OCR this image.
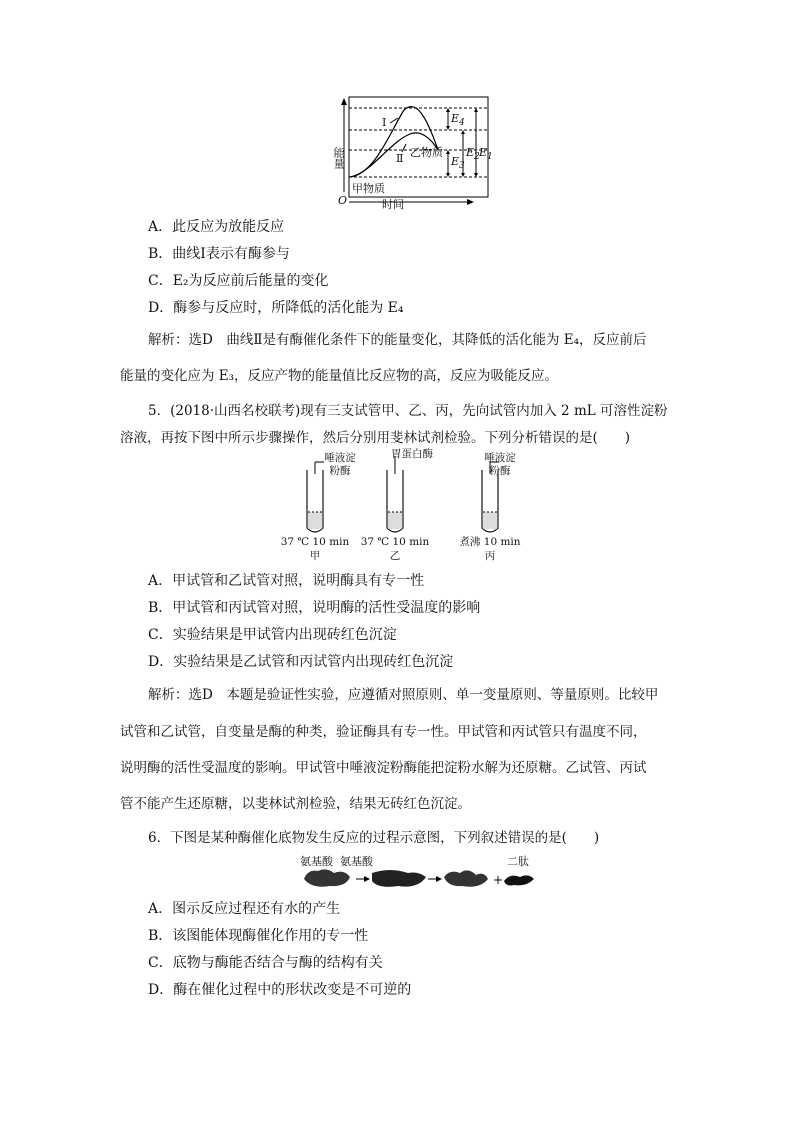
能量
O	时间
Ⅰ
Ⅱ 乙物质
甲物质
$E_4$
$E_3$
$E_2$ $E_1$
A．此反应为放能反应
B．曲线Ⅰ表示有酶参与
C．E₂为反应前后能量的变化
D．酶参与反应时，所降低的活化能为 E₄
解析：选D　曲线Ⅱ是有酶催化条件下的能量变化，其降低的活化能为 E₄，反应前后
能量的变化应为 E₃，反应产物的能量值比反应物的高，反应为吸能反应。
5．(2018·山西名校联考)现有三支试管甲、乙、丙，先向试管内加入 2 mL 可溶性淀粉
溶液，再按下图中所示步骤操作，然后分别用斐林试剂检验。下列分析错误的是(　　)
唾液淀
粉酶
胃蛋白酶	唾液淀
粉酶
37 ℃ 10 min	37 ℃ 10 min	煮沸 10 min
甲	乙	丙
A．甲试管和乙试管对照，说明酶具有专一性
B．甲试管和丙试管对照，说明酶的活性受温度的影响
C．实验结果是甲试管内出现砖红色沉淀
D．实验结果是乙试管和丙试管内出现砖红色沉淀
解析：选D　本题是验证性实验，应遵循对照原则、单一变量原则、等量原则。比较甲
试管和乙试管，自变量是酶的种类，验证酶具有专一性。甲试管和丙试管只有温度不同，
说明酶的活性受温度的影响。甲试管中唾液淀粉酶能把淀粉水解为还原糖。乙试管、丙试
管不能产生还原糖，以斐林试剂检验，结果无砖红色沉淀。
6．下图是某种酶催化底物发生反应的过程示意图，下列叙述错误的是(　　)
+
氨基酸 氨基酸	二肽
A．图示反应过程还有水的产生
B．该图能体现酶催化作用的专一性
C．底物与酶能否结合与酶的结构有关
D．酶在催化过程中的形状改变是不可逆的
